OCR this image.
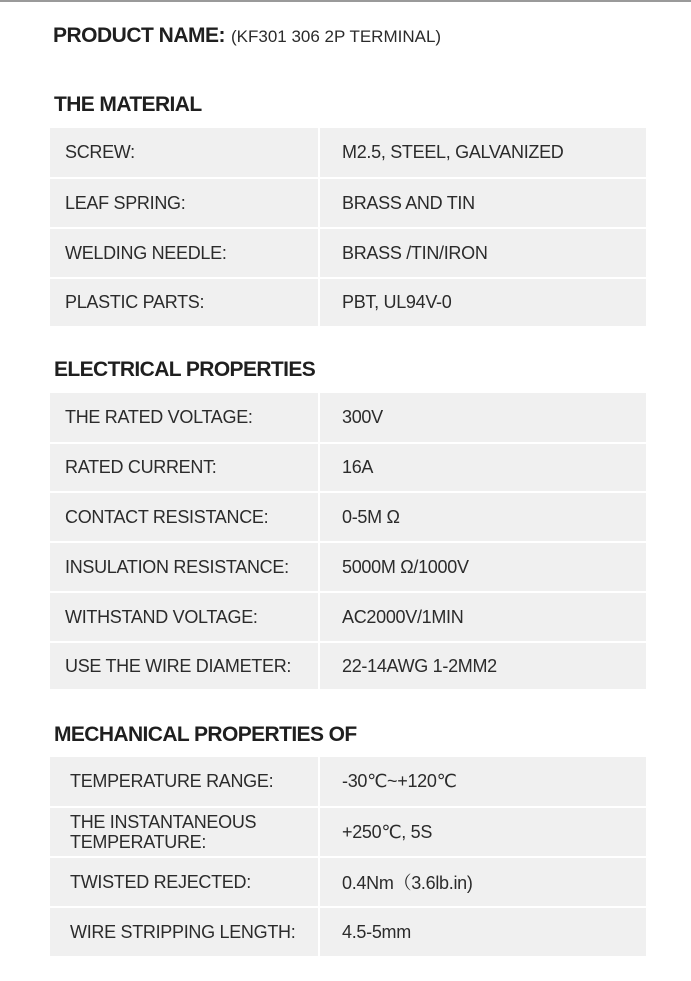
PRODUCT NAME: (KF301 306 2P TERMINAL)
THE MATERIAL
SCREW:	M2.5, STEEL, GALVANIZED
LEAF SPRING:	BRASS AND TIN
WELDING NEEDLE:	BRASS /TIN/IRON
PLASTIC PARTS:	PBT, UL94V-0
ELECTRICAL PROPERTIES
THE RATED VOLTAGE:	300V
RATED CURRENT:	16A
CONTACT RESISTANCE:	0-5M Ω
INSULATION RESISTANCE:	5000M Ω/1000V
WITHSTAND VOLTAGE:	AC2000V/1MIN
USE THE WIRE DIAMETER:	22-14AWG 1-2MM2
MECHANICAL PROPERTIES OF
TEMPERATURE RANGE:	-30℃~+120℃
THE INSTANTANEOUS TEMPERATURE:	+250℃, 5S
TWISTED REJECTED:	0.4Nm（3.6lb.in)
WIRE STRIPPING LENGTH:	4.5-5mm
